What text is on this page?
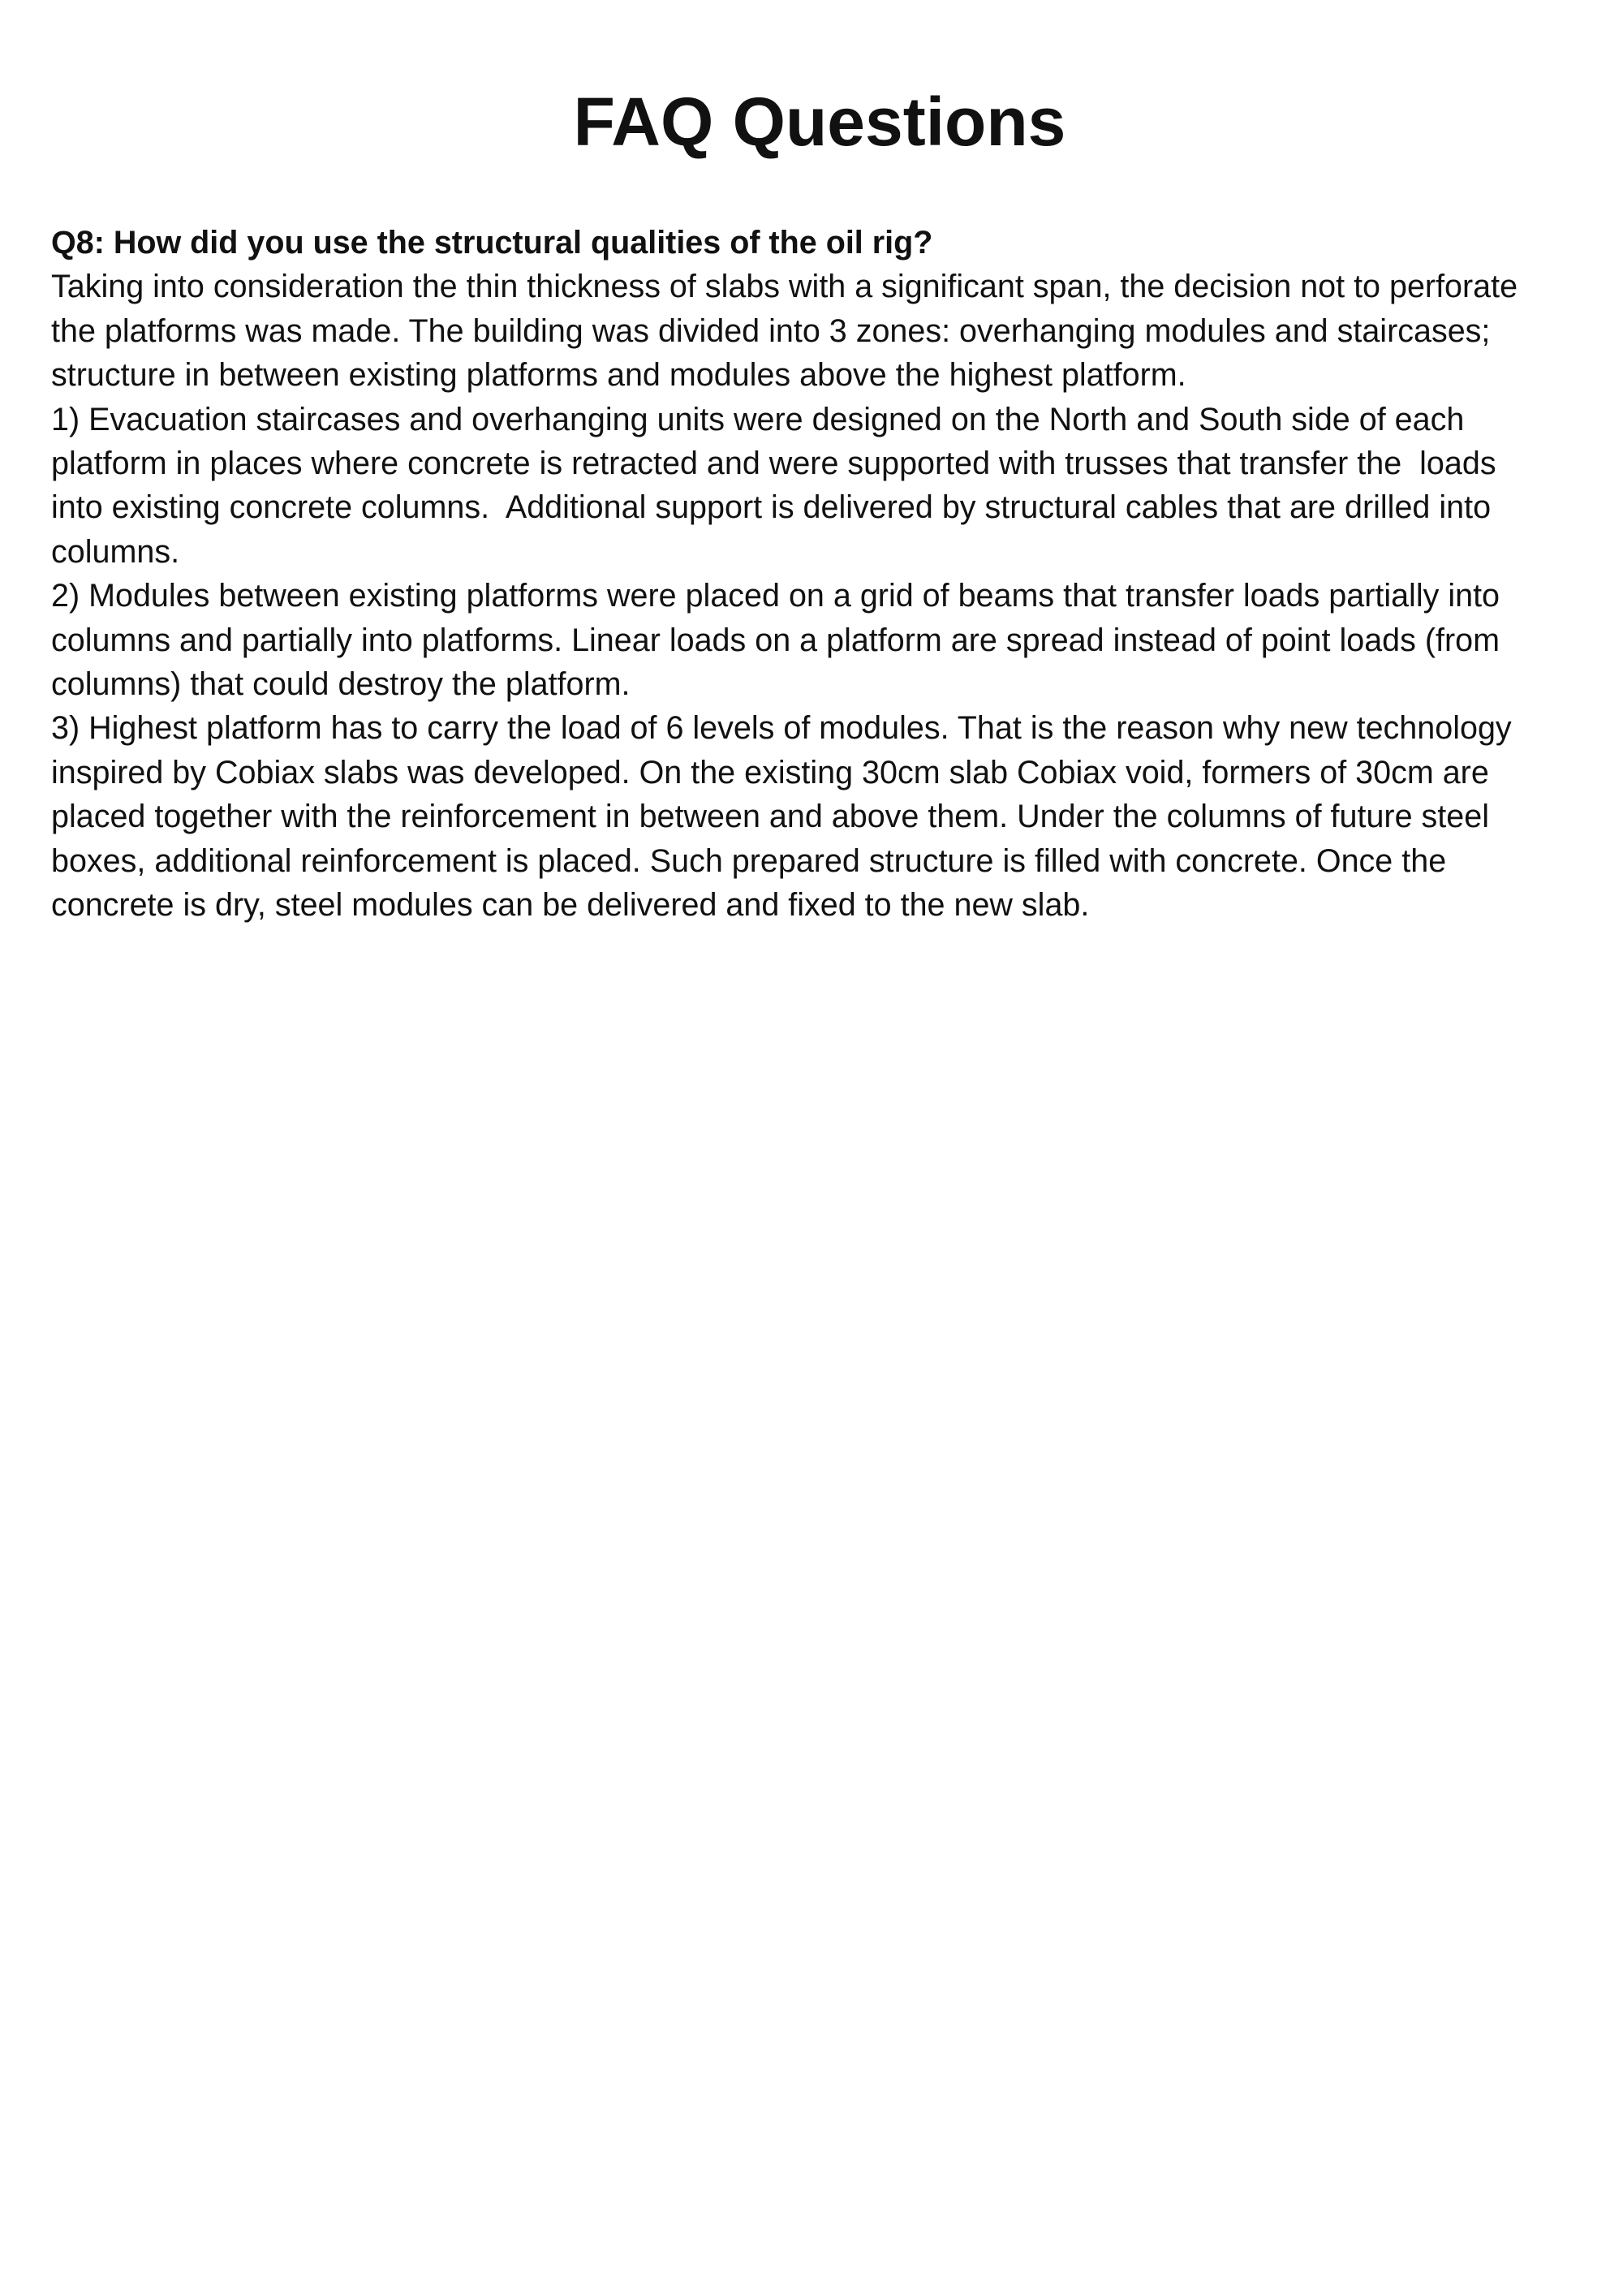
FAQ Questions
Q8: How did you use the structural qualities of the oil rig?
Taking into consideration the thin thickness of slabs with a significant span, the decision not to perforate
the platforms was made. The building was divided into 3 zones: overhanging modules and staircases;
structure in between existing platforms and modules above the highest platform.
1) Evacuation staircases and overhanging units were designed on the North and South side of each
platform in places where concrete is retracted and were supported with trusses that transfer the  loads
into existing concrete columns.  Additional support is delivered by structural cables that are drilled into
columns.
2) Modules between existing platforms were placed on a grid of beams that transfer loads partially into
columns and partially into platforms. Linear loads on a platform are spread instead of point loads (from
columns) that could destroy the platform.
3) Highest platform has to carry the load of 6 levels of modules. That is the reason why new technology
inspired by Cobiax slabs was developed. On the existing 30cm slab Cobiax void, formers of 30cm are
placed together with the reinforcement in between and above them. Under the columns of future steel
boxes, additional reinforcement is placed. Such prepared structure is filled with concrete. Once the
concrete is dry, steel modules can be delivered and fixed to the new slab.
